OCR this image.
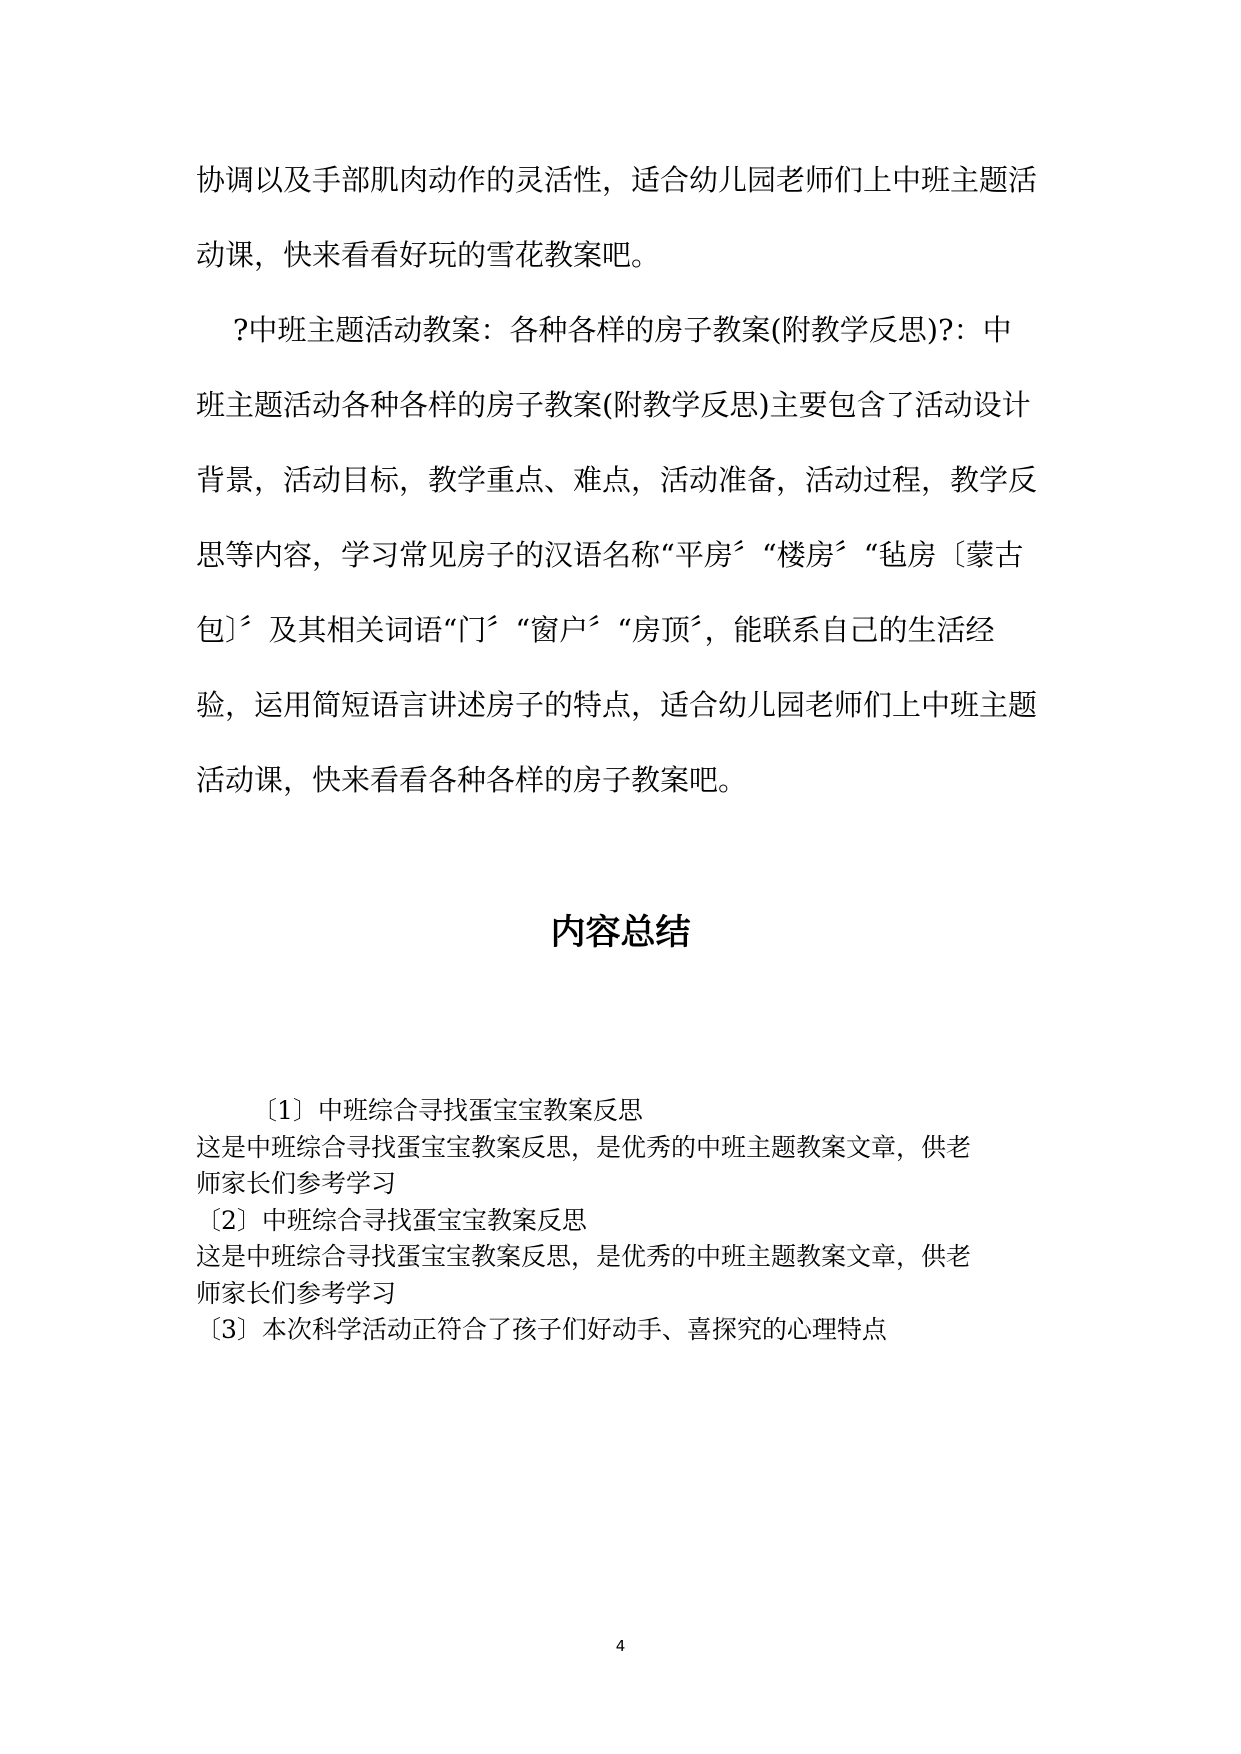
协调以及手部肌肉动作的灵活性，适合幼儿园老师们上中班主题活
动课，快来看看好玩的雪花教案吧。
?中班主题活动教案：各种各样的房子教案(附教学反思)?：中
班主题活动各种各样的房子教案(附教学反思)主要包含了活动设计
背景，活动目标，教学重点、难点，活动准备，活动过程，教学反
思等内容，学习常见房子的汉语名称“平房〞“楼房〞“毡房〔蒙古
包〕〞及其相关词语“门〞“窗户〞“房顶〞，能联系自己的生活经
验，运用简短语言讲述房子的特点，适合幼儿园老师们上中班主题
活动课，快来看看各种各样的房子教案吧。
内容总结
〔1〕中班综合寻找蛋宝宝教案反思
这是中班综合寻找蛋宝宝教案反思，是优秀的中班主题教案文章，供老
师家长们参考学习
〔2〕中班综合寻找蛋宝宝教案反思
这是中班综合寻找蛋宝宝教案反思，是优秀的中班主题教案文章，供老
师家长们参考学习
〔3〕本次科学活动正符合了孩子们好动手、喜探究的心理特点
4
